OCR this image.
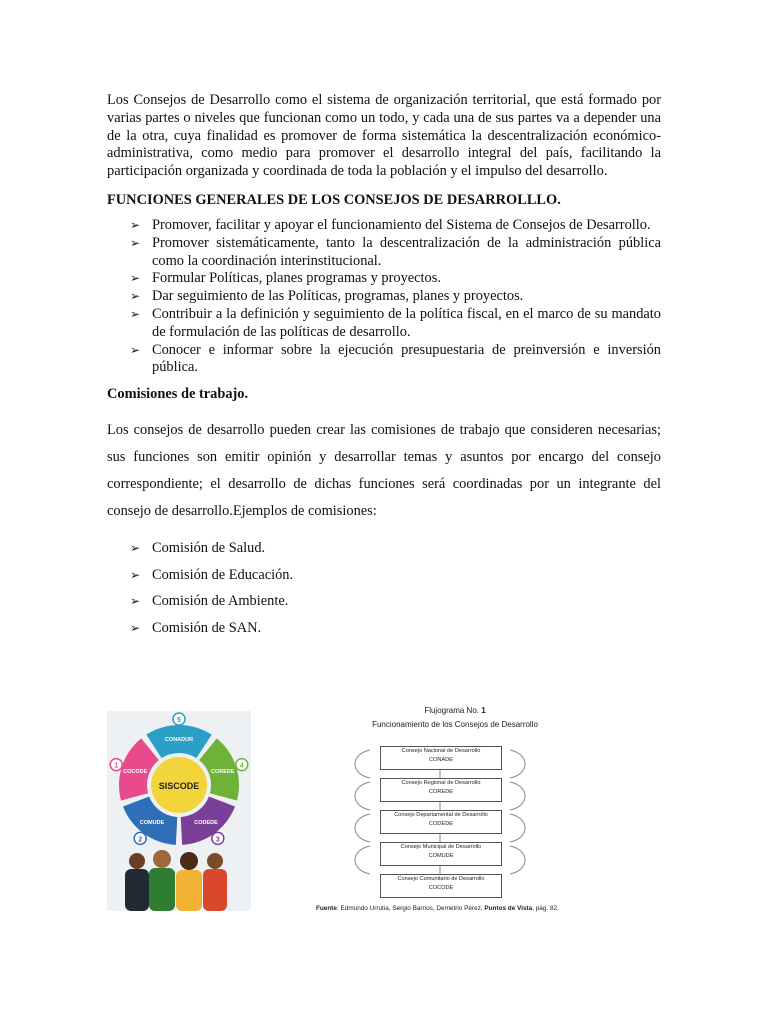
Los Consejos de Desarrollo como el sistema de organización territorial, que está formado por varias partes o niveles que funcionan como un todo, y cada una de sus partes va a depender una de la otra, cuya finalidad es promover de forma sistemática la descentralización económico-administrativa, como medio para promover el desarrollo integral del país, facilitando la participación organizada y coordinada de toda la población y el impulso del desarrollo.

FUNCIONES GENERALES DE LOS CONSEJOS DE DESARROLLLO.
➢ Promover, facilitar y apoyar el funcionamiento del Sistema de Consejos de Desarrollo.
➢ Promover sistemáticamente, tanto la descentralización de la administración pública como la coordinación interinstitucional.
➢ Formular Políticas, planes programas y proyectos.
➢ Dar seguimiento de las Políticas, programas, planes y proyectos.
➢ Contribuir a la definición y seguimiento de la política fiscal, en el marco de su mandato de formulación de las políticas de desarrollo.
➢ Conocer e informar sobre la ejecución presupuestaria de preinversión e inversión pública.
Comisiones de trabajo.

Los consejos de desarrollo pueden crear las comisiones de trabajo que consideren necesarias; sus funciones son emitir opinión y desarrollar temas y asuntos por encargo del consejo correspondiente; el desarrollo de dichas funciones será coordinadas por un integrante del consejo de desarrollo.Ejemplos de comisiones:

➢ Comisión de Salud.
➢ Comisión de Educación.
➢ Comisión de Ambiente.
➢ Comisión de SAN.
SISCODE
COCODE
1
COMUDE
2
CODEDE
3
COREDE
4
CONADUR
5
Flujograma No. 1
Funcionamiento de los Consejos de Desarrollo
Consejo Nacional de Desarrollo
CONADE
Consejo Regional de Desarrollo
COREDE
Consejo Departamental de Desarrollo
CODEDE
Consejo Municipal de Desarrollo
COMUDE
Consejo Comunitario de Desarrollo
COCODE
Fuente: Edmundo Urrutia, Sergio Barrios, Demetrio Pérez, Puntos de Vista, pág. 82.
